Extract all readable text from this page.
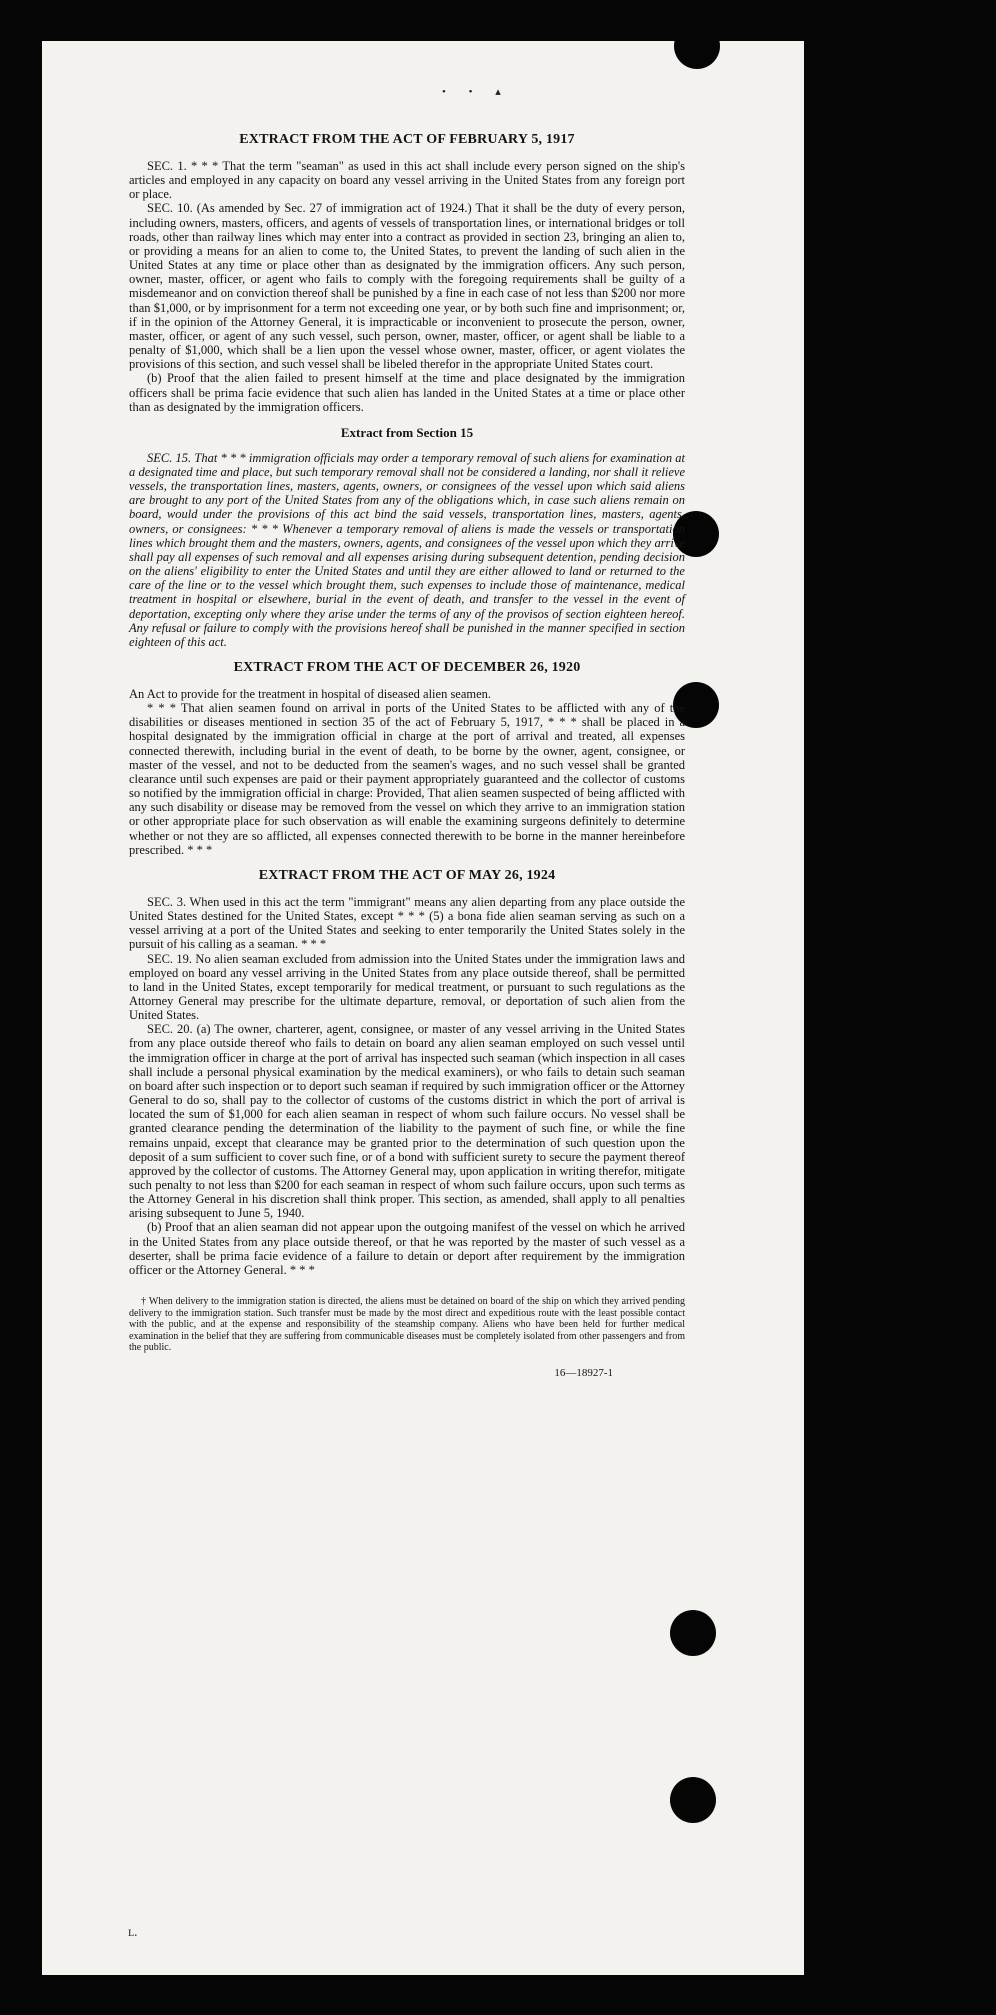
• • ▴
EXTRACT FROM THE ACT OF FEBRUARY 5, 1917

SEC. 1. * * * That the term "seaman" as used in this act shall include every person signed on the ship's articles and employed in any capacity on board any vessel arriving in the United States from any foreign port or place.

SEC. 10. (As amended by Sec. 27 of immigration act of 1924.) That it shall be the duty of every person, including owners, masters, officers, and agents of vessels of transportation lines, or international bridges or toll roads, other than railway lines which may enter into a contract as provided in section 23, bringing an alien to, or providing a means for an alien to come to, the United States, to prevent the landing of such alien in the United States at any time or place other than as designated by the immigration officers. Any such person, owner, master, officer, or agent who fails to comply with the foregoing requirements shall be guilty of a misdemeanor and on conviction thereof shall be punished by a fine in each case of not less than $200 nor more than $1,000, or by imprisonment for a term not exceeding one year, or by both such fine and imprisonment; or, if in the opinion of the Attorney General, it is impracticable or inconvenient to prosecute the person, owner, master, officer, or agent of any such vessel, such person, owner, master, officer, or agent shall be liable to a penalty of $1,000, which shall be a lien upon the vessel whose owner, master, officer, or agent violates the provisions of this section, and such vessel shall be libeled therefor in the appropriate United States court.

(b) Proof that the alien failed to present himself at the time and place designated by the immigration officers shall be prima facie evidence that such alien has landed in the United States at a time or place other than as designated by the immigration officers.

Extract from Section 15

SEC. 15. That * * * immigration officials may order a temporary removal of such aliens for examination at a designated time and place, but such temporary removal shall not be considered a landing, nor shall it relieve vessels, the transportation lines, masters, agents, owners, or consignees of the vessel upon which said aliens are brought to any port of the United States from any of the obligations which, in case such aliens remain on board, would under the provisions of this act bind the said vessels, transportation lines, masters, agents, owners, or consignees: * * * Whenever a temporary removal of aliens is made the vessels or transportation lines which brought them and the masters, owners, agents, and consignees of the vessel upon which they arrive shall pay all expenses of such removal and all expenses arising during subsequent detention, pending decision on the aliens' eligibility to enter the United States and until they are either allowed to land or returned to the care of the line or to the vessel which brought them, such expenses to include those of maintenance, medical treatment in hospital or elsewhere, burial in the event of death, and transfer to the vessel in the event of deportation, excepting only where they arise under the terms of any of the provisos of section eighteen hereof. Any refusal or failure to comply with the provisions hereof shall be punished in the manner specified in section eighteen of this act.

EXTRACT FROM THE ACT OF DECEMBER 26, 1920

An Act to provide for the treatment in hospital of diseased alien seamen.

* * * That alien seamen found on arrival in ports of the United States to be afflicted with any of the disabilities or diseases mentioned in section 35 of the act of February 5, 1917, * * * shall be placed in a hospital designated by the immigration official in charge at the port of arrival and treated, all expenses connected therewith, including burial in the event of death, to be borne by the owner, agent, consignee, or master of the vessel, and not to be deducted from the seamen's wages, and no such vessel shall be granted clearance until such expenses are paid or their payment appropriately guaranteed and the collector of customs so notified by the immigration official in charge: Provided, That alien seamen suspected of being afflicted with any such disability or disease may be removed from the vessel on which they arrive to an immigration station or other appropriate place for such observation as will enable the examining surgeons definitely to determine whether or not they are so afflicted, all expenses connected therewith to be borne in the manner hereinbefore prescribed. * * *

EXTRACT FROM THE ACT OF MAY 26, 1924

SEC. 3. When used in this act the term "immigrant" means any alien departing from any place outside the United States destined for the United States, except * * * (5) a bona fide alien seaman serving as such on a vessel arriving at a port of the United States and seeking to enter temporarily the United States solely in the pursuit of his calling as a seaman. * * *

SEC. 19. No alien seaman excluded from admission into the United States under the immigration laws and employed on board any vessel arriving in the United States from any place outside thereof, shall be permitted to land in the United States, except temporarily for medical treatment, or pursuant to such regulations as the Attorney General may prescribe for the ultimate departure, removal, or deportation of such alien from the United States.

SEC. 20. (a) The owner, charterer, agent, consignee, or master of any vessel arriving in the United States from any place outside thereof who fails to detain on board any alien seaman employed on such vessel until the immigration officer in charge at the port of arrival has inspected such seaman (which inspection in all cases shall include a personal physical examination by the medical examiners), or who fails to detain such seaman on board after such inspection or to deport such seaman if required by such immigration officer or the Attorney General to do so, shall pay to the collector of customs of the customs district in which the port of arrival is located the sum of $1,000 for each alien seaman in respect of whom such failure occurs. No vessel shall be granted clearance pending the determination of the liability to the payment of such fine, or while the fine remains unpaid, except that clearance may be granted prior to the determination of such question upon the deposit of a sum sufficient to cover such fine, or of a bond with sufficient surety to secure the payment thereof approved by the collector of customs. The Attorney General may, upon application in writing therefor, mitigate such penalty to not less than $200 for each seaman in respect of whom such failure occurs, upon such terms as the Attorney General in his discretion shall think proper. This section, as amended, shall apply to all penalties arising subsequent to June 5, 1940.

(b) Proof that an alien seaman did not appear upon the outgoing manifest of the vessel on which he arrived in the United States from any place outside thereof, or that he was reported by the master of such vessel as a deserter, shall be prima facie evidence of a failure to detain or deport after requirement by the immigration officer or the Attorney General. * * *

† When delivery to the immigration station is directed, the aliens must be detained on board of the ship on which they arrived pending delivery to the immigration station. Such transfer must be made by the most direct and expeditious route with the least possible contact with the public, and at the expense and responsibility of the steamship company. Aliens who have been held for further medical examination in the belief that they are suffering from communicable diseases must be completely isolated from other passengers and from the public.
16—18927-1
ʟ.
